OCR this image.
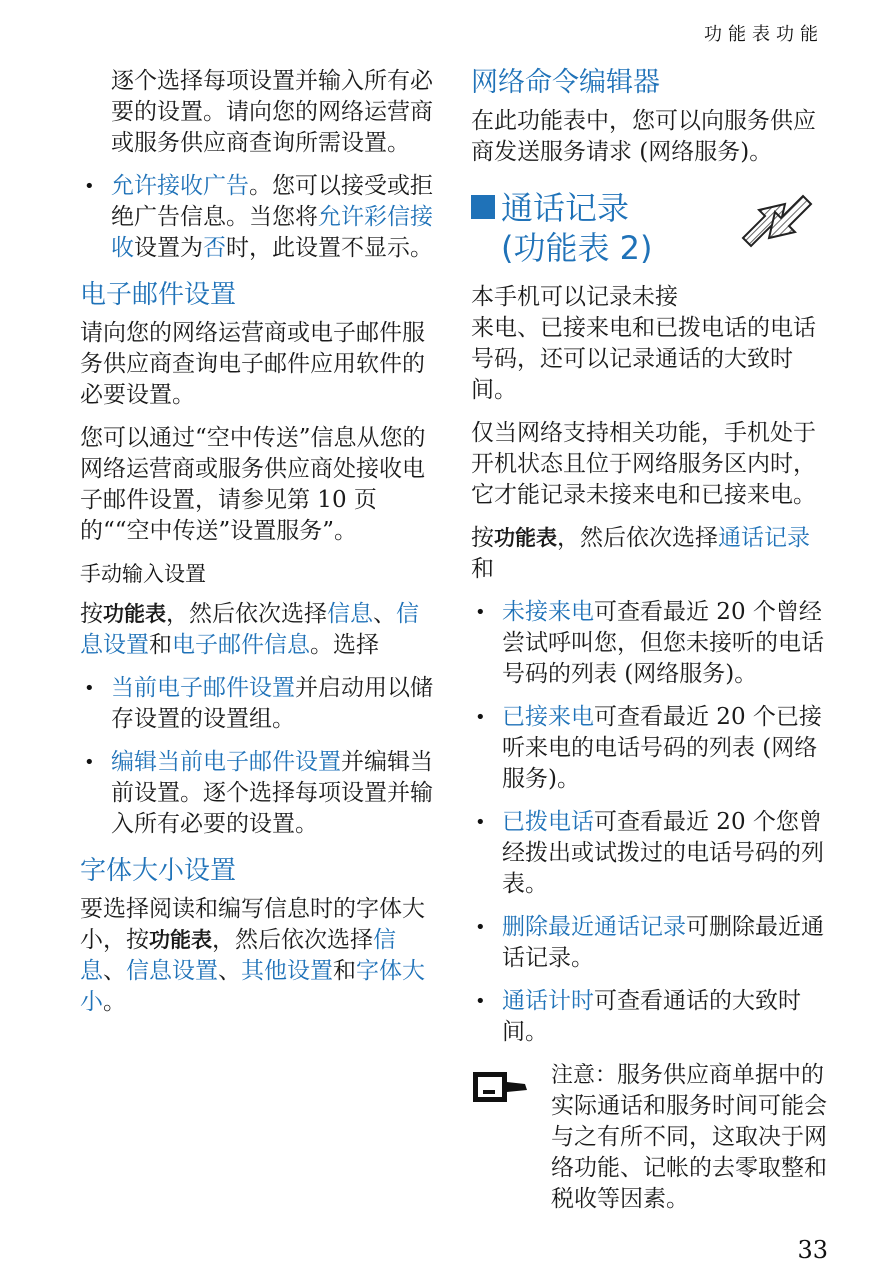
功能表功能

逐个选择每项设置并输入所有必要的设置。请向您的网络运营商或服务供应商查询所需设置。

• 允许接收广告。您可以接受或拒绝广告信息。当您将允许彩信接收设置为否时，此设置不显示。
电子邮件设置

请向您的网络运营商或电子邮件服务供应商查询电子邮件应用软件的必要设置。

您可以通过“空中传送”信息从您的网络运营商或服务供应商处接收电子邮件设置，请参见第 10 页的““空中传送”设置服务”。

手动输入设置

按功能表，然后依次选择信息、信息设置和电子邮件信息。选择

• 当前电子邮件设置并启动用以储存设置的设置组。
• 编辑当前电子邮件设置并编辑当前设置。逐个选择每项设置并输入所有必要的设置。
字体大小设置

要选择阅读和编写信息时的字体大小，按功能表，然后依次选择信息、信息设置、其他设置和字体大小。

网络命令编辑器

在此功能表中，您可以向服务供应商发送服务请求 (网络服务)。

通话记录
(功能表 2)

本手机可以记录未接

来电、已接来电和已拨电话的电话号码，还可以记录通话的大致时间。

仅当网络支持相关功能，手机处于开机状态且位于网络服务区内时，它才能记录未接来电和已接来电。

按功能表，然后依次选择通话记录和

• 未接来电可查看最近 20 个曾经尝试呼叫您，但您未接听的电话号码的列表 (网络服务)。
• 已接来电可查看最近 20 个已接听来电的电话号码的列表 (网络服务)。
• 已拨电话可查看最近 20 个您曾经拨出或试拨过的电话号码的列表。
• 删除最近通话记录可删除最近通话记录。
• 通话计时可查看通话的大致时间。

注意：服务供应商单据中的实际通话和服务时间可能会与之有所不同，这取决于网络功能、记帐的去零取整和税收等因素。

33
